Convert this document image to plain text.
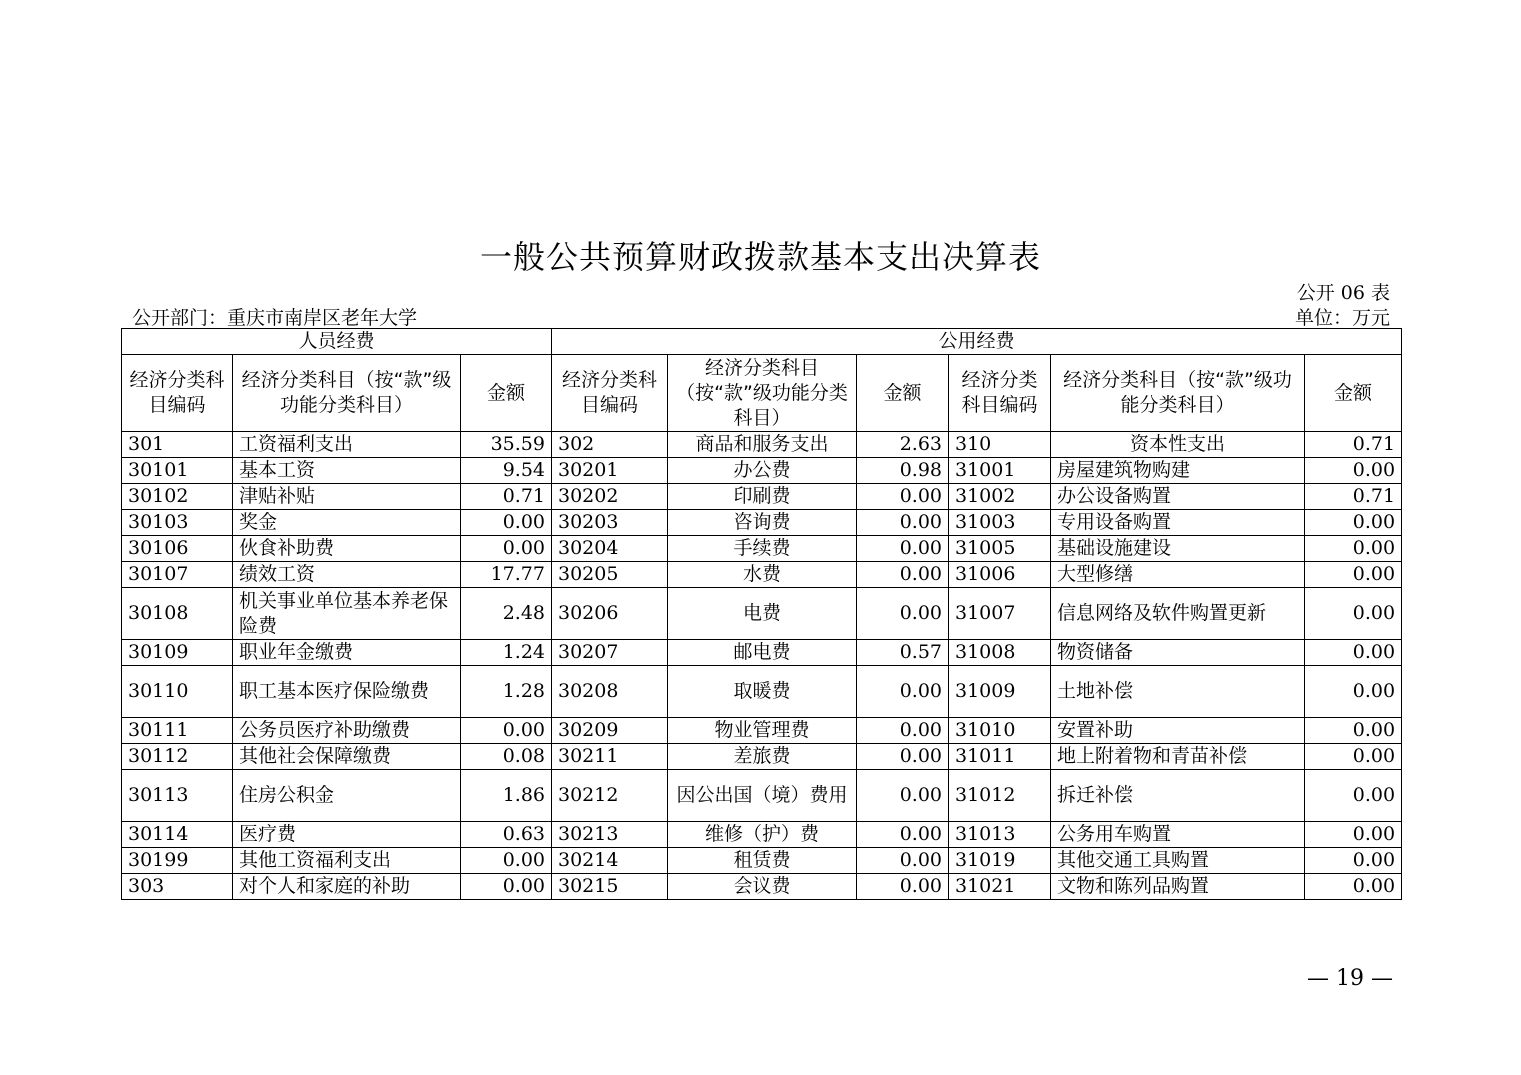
一般公共预算财政拨款基本支出决算表
公开 06 表
公开部门：重庆市南岸区老年大学	单位：万元
人员经费			公用经费					
经济分类科目编码	经济分类科目（按“款”级功能分类科目）	金额	经济分类科目编码	经济分类科目（按“款”级功能分类科目）	金额	经济分类科目编码	经济分类科目（按“款”级功能分类科目）	金额
301	工资福利支出	35.59	302	商品和服务支出	2.63	310	资本性支出	0.71
30101	基本工资	9.54	30201	办公费	0.98	31001	房屋建筑物购建	0.00
30102	津贴补贴	0.71	30202	印刷费	0.00	31002	办公设备购置	0.71
30103	奖金	0.00	30203	咨询费	0.00	31003	专用设备购置	0.00
30106	伙食补助费	0.00	30204	手续费	0.00	31005	基础设施建设	0.00
30107	绩效工资	17.77	30205	水费	0.00	31006	大型修缮	0.00
30108	机关事业单位基本养老保险费	2.48	30206	电费	0.00	31007	信息网络及软件购置更新	0.00
30109	职业年金缴费	1.24	30207	邮电费	0.57	31008	物资储备	0.00
30110	职工基本医疗保险缴费	1.28	30208	取暖费	0.00	31009	土地补偿	0.00
30111	公务员医疗补助缴费	0.00	30209	物业管理费	0.00	31010	安置补助	0.00
30112	其他社会保障缴费	0.08	30211	差旅费	0.00	31011	地上附着物和青苗补偿	0.00
30113	住房公积金	1.86	30212	因公出国（境）费用	0.00	31012	拆迁补偿	0.00
30114	医疗费	0.63	30213	维修（护）费	0.00	31013	公务用车购置	0.00
30199	其他工资福利支出	0.00	30214	租赁费	0.00	31019	其他交通工具购置	0.00
303	对个人和家庭的补助	0.00	30215	会议费	0.00	31021	文物和陈列品购置	0.00
— 19 —
